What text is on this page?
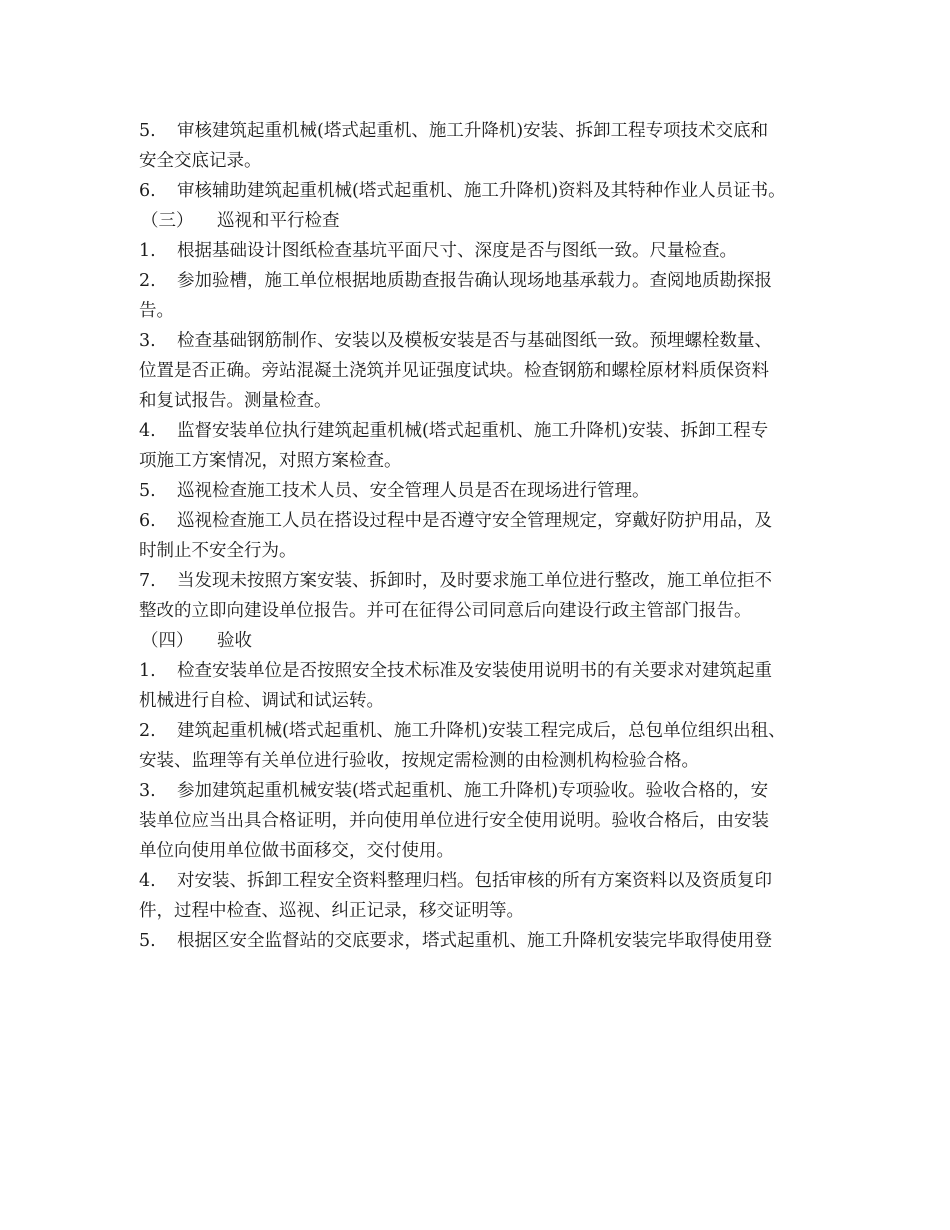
5. 审核建筑起重机械(塔式起重机、施工升降机)安装、拆卸工程专项技术交底和
安全交底记录。
6. 审核辅助建筑起重机械(塔式起重机、施工升降机)资料及其特种作业人员证书。
（三） 巡视和平行检查
1. 根据基础设计图纸检查基坑平面尺寸、深度是否与图纸一致。尺量检查。
2. 参加验槽，施工单位根据地质勘查报告确认现场地基承载力。查阅地质勘探报
告。
3. 检查基础钢筋制作、安装以及模板安装是否与基础图纸一致。预埋螺栓数量、
位置是否正确。旁站混凝土浇筑并见证强度试块。检查钢筋和螺栓原材料质保资料
和复试报告。测量检查。
4. 监督安装单位执行建筑起重机械(塔式起重机、施工升降机)安装、拆卸工程专
项施工方案情况，对照方案检查。
5. 巡视检查施工技术人员、安全管理人员是否在现场进行管理。
6. 巡视检查施工人员在搭设过程中是否遵守安全管理规定，穿戴好防护用品，及
时制止不安全行为。
7. 当发现未按照方案安装、拆卸时，及时要求施工单位进行整改，施工单位拒不
整改的立即向建设单位报告。并可在征得公司同意后向建设行政主管部门报告。
（四） 验收
1. 检查安装单位是否按照安全技术标准及安装使用说明书的有关要求对建筑起重
机械进行自检、调试和试运转。
2. 建筑起重机械(塔式起重机、施工升降机)安装工程完成后，总包单位组织出租、
安装、监理等有关单位进行验收，按规定需检测的由检测机构检验合格。
3. 参加建筑起重机械安装(塔式起重机、施工升降机)专项验收。验收合格的，安
装单位应当出具合格证明，并向使用单位进行安全使用说明。验收合格后，由安装
单位向使用单位做书面移交，交付使用。
4. 对安装、拆卸工程安全资料整理归档。包括审核的所有方案资料以及资质复印
件，过程中检查、巡视、纠正记录，移交证明等。
5. 根据区安全监督站的交底要求，塔式起重机、施工升降机安装完毕取得使用登
